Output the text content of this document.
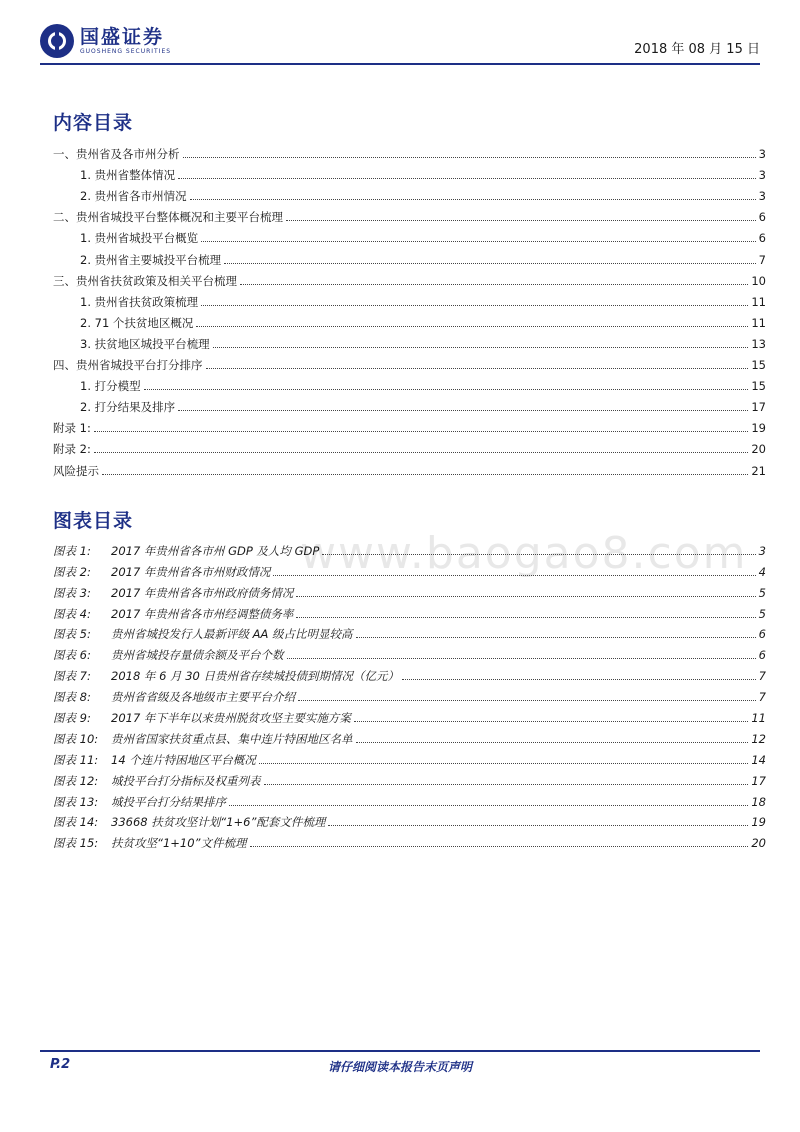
国盛证券
GUOSHENG SECURITIES	2018 年 08 月 15 日
内容目录
一、贵州省及各市州分析	3
1. 贵州省整体情况	3
2. 贵州省各市州情况	3
二、贵州省城投平台整体概况和主要平台梳理	6
1. 贵州省城投平台概览	6
2. 贵州省主要城投平台梳理	7
三、贵州省扶贫政策及相关平台梳理	10
1. 贵州省扶贫政策梳理	11
2. 71 个扶贫地区概况	11
3. 扶贫地区城投平台梳理	13
四、贵州省城投平台打分排序	15
1. 打分模型	15
2. 打分结果及排序	17
附录 1:	19
附录 2:	20
风险提示	21
www.baogao8.com
图表目录
图表 1:	2017 年贵州省各市州 GDP 及人均 GDP	3
图表 2:	2017 年贵州省各市州财政情况	4
图表 3:	2017 年贵州省各市州政府债务情况	5
图表 4:	2017 年贵州省各市州经调整债务率	5
图表 5:	贵州省城投发行人最新评级 AA 级占比明显较高	6
图表 6:	贵州省城投存量债余额及平台个数	6
图表 7:	2018 年 6 月 30 日贵州省存续城投债到期情况（亿元）	7
图表 8:	贵州省省级及各地级市主要平台介绍	7
图表 9:	2017 年下半年以来贵州脱贫攻坚主要实施方案	11
图表 10:	贵州省国家扶贫重点县、集中连片特困地区名单	12
图表 11:	14 个连片特困地区平台概况	14
图表 12:	城投平台打分指标及权重列表	17
图表 13:	城投平台打分结果排序	18
图表 14:	33668 扶贫攻坚计划“1+6”配套文件梳理	19
图表 15:	扶贫攻坚“1+10”文件梳理	20
P.2	请仔细阅读本报告末页声明
